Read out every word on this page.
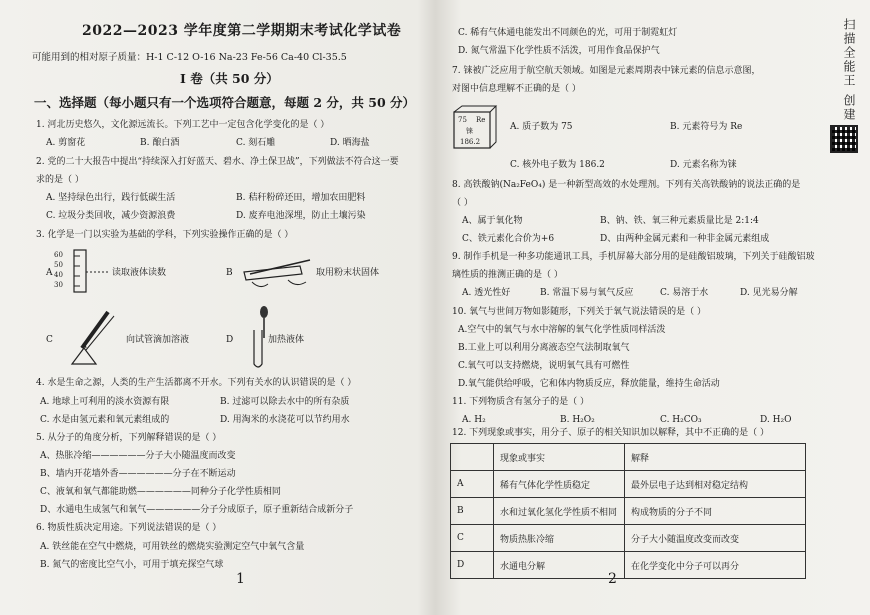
2022—2023 学年度第二学期期末考试化学试卷
可能用到的相对原子质量：H-1 C-12 O-16 Na-23 Fe-56 Ca-40 Cl-35.5
I 卷（共 50 分）
一、选择题（每小题只有一个选项符合题意，每题 2 分，共 50 分）
1. 河北历史悠久，文化源远流长。下列工艺中一定包含化学变化的是（ ）
A. 剪窗花	B. 酿白酒	C. 刻石雕	D. 晒海盐
2. 党的二十大报告中提出“持续深入打好蓝天、碧水、净土保卫战”，下列做法不符合这一要
求的是（ ）
A. 坚持绿色出行，践行低碳生活	B. 秸秆粉碎还田，增加农田肥料
C. 垃圾分类回收，减少资源浪费	D. 废弃电池深埋，防止土壤污染
3. 化学是一门以实验为基础的学科，下列实验操作正确的是（ ）
A
60
50
40
30
读取液体读数	B	取用粉末状固体
C	向试管滴加溶液	D	加热液体
4. 水是生命之源，人类的生产生活都离不开水。下列有关水的认识错误的是（ ）
A. 地球上可利用的淡水资源有限	B. 过滤可以除去水中的所有杂质
C. 水是由氢元素和氧元素组成的	D. 用淘米的水浇花可以节约用水
5. 从分子的角度分析，下列解释错误的是（ ）
A、热胀冷缩——————分子大小随温度而改变
B、墙内开花墙外香——————分子在不断运动
C、液氧和氧气都能助燃——————同种分子化学性质相同
D、水通电生成氢气和氧气——————分子分成原子，原子重新结合成新分子
6. 物质性质决定用途。下列说法错误的是（ ）
A. 铁丝能在空气中燃烧，可用铁丝的燃烧实验测定空气中氧气含量
B. 氮气的密度比空气小，可用于填充探空气球
1
C. 稀有气体通电能发出不同颜色的光，可用于制霓虹灯
D. 氮气常温下化学性质不活泼，可用作食品保护气
7. 铼被广泛应用于航空航天领域。如图是元素周期表中铼元素的信息示意图，
对图中信息理解不正确的是（ ）
75 Re
铼
186.2
A. 质子数为 75	B. 元素符号为 Re
C. 核外电子数为 186.2	D. 元素名称为铼
8. 高铁酸钠(Na₂FeO₄) 是一种新型高效的水处理剂。下列有关高铁酸钠的说法正确的是
（ ）
A、属于氧化物	B、钠、铁、氧三种元素质量比是 2:1:4
C、铁元素化合价为+6	D、由两种金属元素和一种非金属元素组成
9. 制作手机是一种多功能通讯工具，手机屏幕大部分用的是硅酸铝玻璃，下列关于硅酸铝玻
璃性质的推测正确的是（ ）
A. 透光性好	B. 常温下易与氧气反应	C. 易溶于水	D. 见光易分解
10. 氧气与世间万物如影随形，下列关于氧气说法错误的是（ ）
A.空气中的氧气与水中溶解的氧气化学性质同样活泼
B.工业上可以利用分离液态空气法制取氧气
C.氧气可以支持燃烧，说明氧气具有可燃性
D.氧气能供给呼吸，它和体内物质反应，释放能量，维持生命活动
11. 下列物质含有氢分子的是（ ）
A. H₂	B. H₂O₂	C. H₂CO₃	D. H₂O
12. 下列现象或事实，用分子、原子的相关知识加以解释，其中不正确的是（ ）
	现象或事实	解释
A	稀有气体化学性质稳定	最外层电子达到相对稳定结构
B	水和过氧化氢化学性质不相同	构成物质的分子不同
C	物质热胀冷缩	分子大小随温度改变而改变
D	水通电分解	在化学变化中分子可以再分
2
扫描全能王 创建
